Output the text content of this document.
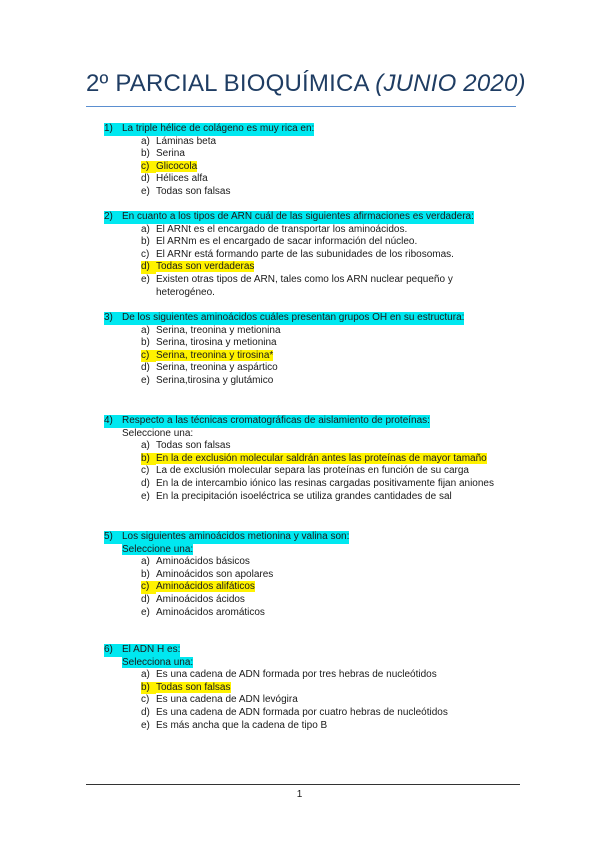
2º PARCIAL BIOQUÍMICA (JUNIO 2020)
1) La triple hélice de colágeno es muy rica en:
a) Láminas beta
b) Serina
c) Glicocola
d) Hélices alfa
e) Todas son falsas
2) En cuanto a los tipos de ARN cuál de las siguientes afirmaciones es verdadera:
a) El ARNt es el encargado de transportar los aminoácidos.
b) El ARNm es el encargado de sacar información del núcleo.
c) El ARNr está formando parte de las subunidades de los ribosomas.
d) Todas son verdaderas
e) Existen otras tipos de ARN, tales como los ARN nuclear pequeño y heterogéneo.
3) De los siguientes aminoácidos cuáles presentan grupos OH en su estructura:
a) Serina, treonina y metionina
b) Serina, tirosina y metionina
c) Serina, treonina y tirosina*
d) Serina, treonina y aspártico
e) Serina,tirosina y glutámico
4) Respecto a las técnicas cromatográficas de aislamiento de proteínas:
Seleccione una:
a) Todas son falsas
b) En la de exclusión molecular saldrán antes las proteínas de mayor tamaño
c) La de exclusión molecular separa las proteínas en función de su carga
d) En la de intercambio iónico las resinas cargadas positivamente fijan aniones
e) En la precipitación isoeléctrica se utiliza grandes cantidades de sal
5) Los siguientes aminoácidos metionina y valina son:
Seleccione una:
a) Aminoácidos básicos
b) Aminoácidos son apolares
c) Aminoácidos alifáticos
d) Aminoácidos ácidos
e) Aminoácidos aromáticos
6) El ADN H es:
Selecciona una:
a) Es una cadena de ADN formada por tres hebras de nucleótidos
b) Todas son falsas
c) Es una cadena de ADN levógira
d) Es una cadena de ADN formada por cuatro hebras de nucleótidos
e) Es más ancha que la cadena de tipo B
1
